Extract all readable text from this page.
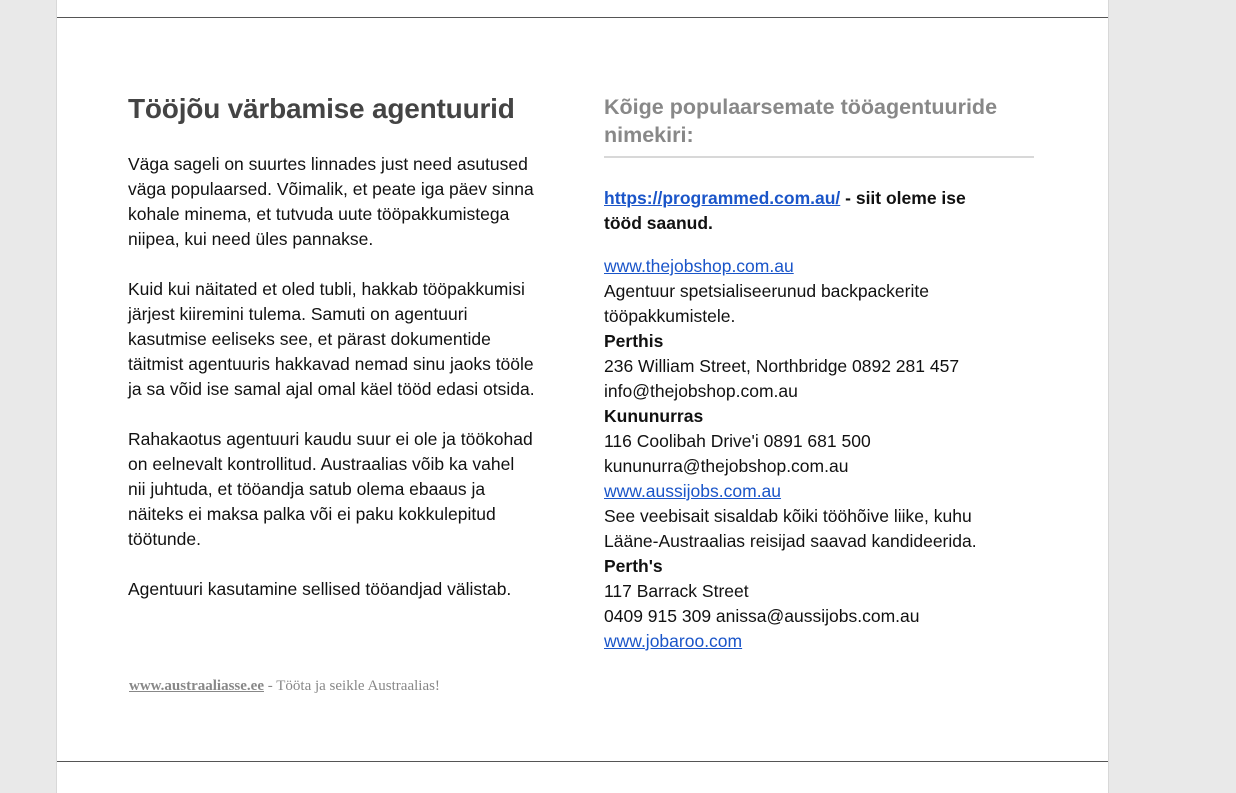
Tööjõu värbamise agentuurid

Väga sageli on suurtes linnades just need asutused
väga populaarsed. Võimalik, et peate iga päev sinna
kohale minema, et tutvuda uute tööpakkumistega
niipea, kui need üles pannakse.

Kuid kui näitated et oled tubli, hakkab tööpakkumisi
järjest kiiremini tulema. Samuti on agentuuri
kasutmise eeliseks see, et pärast dokumentide
täitmist agentuuris hakkavad nemad sinu jaoks tööle
ja sa võid ise samal ajal omal käel tööd edasi otsida.

Rahakaotus agentuuri kaudu suur ei ole ja töökohad
on eelnevalt kontrollitud. Austraalias võib ka vahel
nii juhtuda, et tööandja satub olema ebaaus ja
näiteks ei maksa palka või ei paku kokkulepitud
töötunde.

Agentuuri kasutamine sellised tööandjad välistab.

Kõige populaarsemate tööagentuuride
nimekiri:
https://programmed.com.au/ - siit oleme ise
tööd saanud.
www.thejobshop.com.au
Agentuur spetsialiseerunud backpackerite
tööpakkumistele.
Perthis
236 William Street, Northbridge 0892 281 457
info@thejobshop.com.au
Kununurras
116 Coolibah Drive'i 0891 681 500
kununurra@thejobshop.com.au
www.aussijobs.com.au
See veebisait sisaldab kõiki tööhõive liike, kuhu
Lääne-Austraalias reisijad saavad kandideerida.
Perth's
117 Barrack Street
0409 915 309 anissa@aussijobs.com.au
www.jobaroo.com
www.austraaliasse.ee - Tööta ja seikle Austraalias!
